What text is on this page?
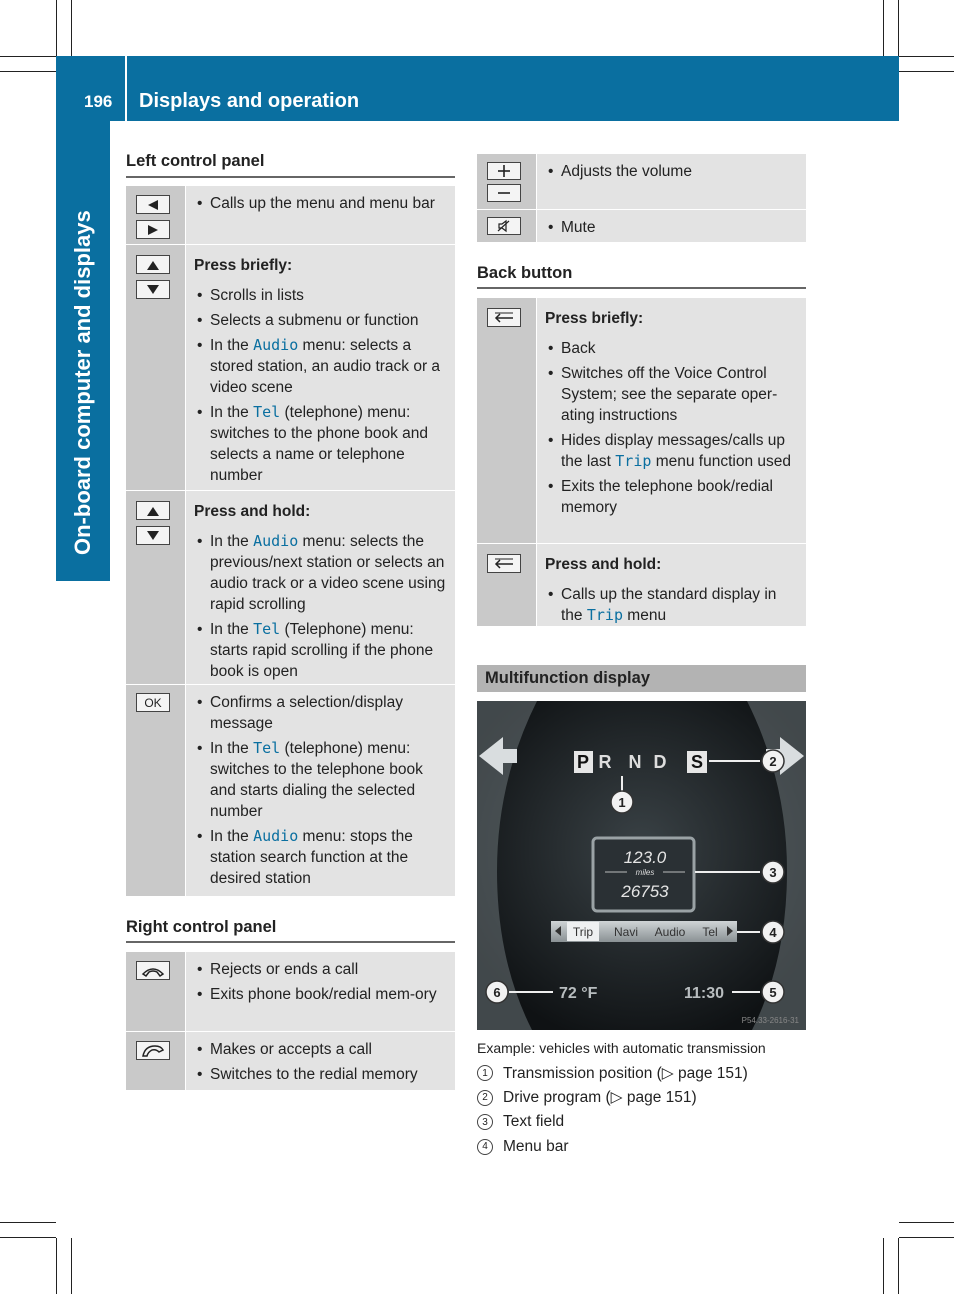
196 Displays and operation
On-board computer and displays
Left control panel
• Calls up the menu and menu bar
Press briefly:
• Scrolls in lists
• Selects a submenu or function
• In the Audio menu: selects a stored station, an audio track or a video scene
• In the Tel (telephone) menu: switches to the phone book and selects a name or telephone number
Press and hold:
• In the Audio menu: selects the previous/next station or selects an audio track or a video scene using rapid scrolling
• In the Tel (Telephone) menu: starts rapid scrolling if the phone book is open
OK
•	Confirms a selection/display message
• In the Tel (telephone) menu: switches to the telephone book and starts dialing the selected number
• In the Audio menu: stops the station search function at the desired station
Right control panel
• Rejects or ends a call
• Exits phone book/redial mem-ory
• Makes or accepts a call
• Switches to the redial memory
• Adjusts the volume
• Mute
Back button
Press briefly:
• Back
• Switches off the Voice Control System; see the separate oper-ating instructions
• Hides display messages/calls up the last Trip menu function used
• Exits the telephone book/redial memory
Press and hold:
• Calls up the standard display in the Trip menu
Multifunction display
P R N D S
123.0
miles
26753
Trip Navi Audio Tel
72 °F	11:30
P54.33-2616-31
1
2
3
4
5
6
Example: vehicles with automatic transmission
1 Transmission position (▷ page 151)
2 Drive program (▷ page 151)
3 Text field
4 Menu bar
